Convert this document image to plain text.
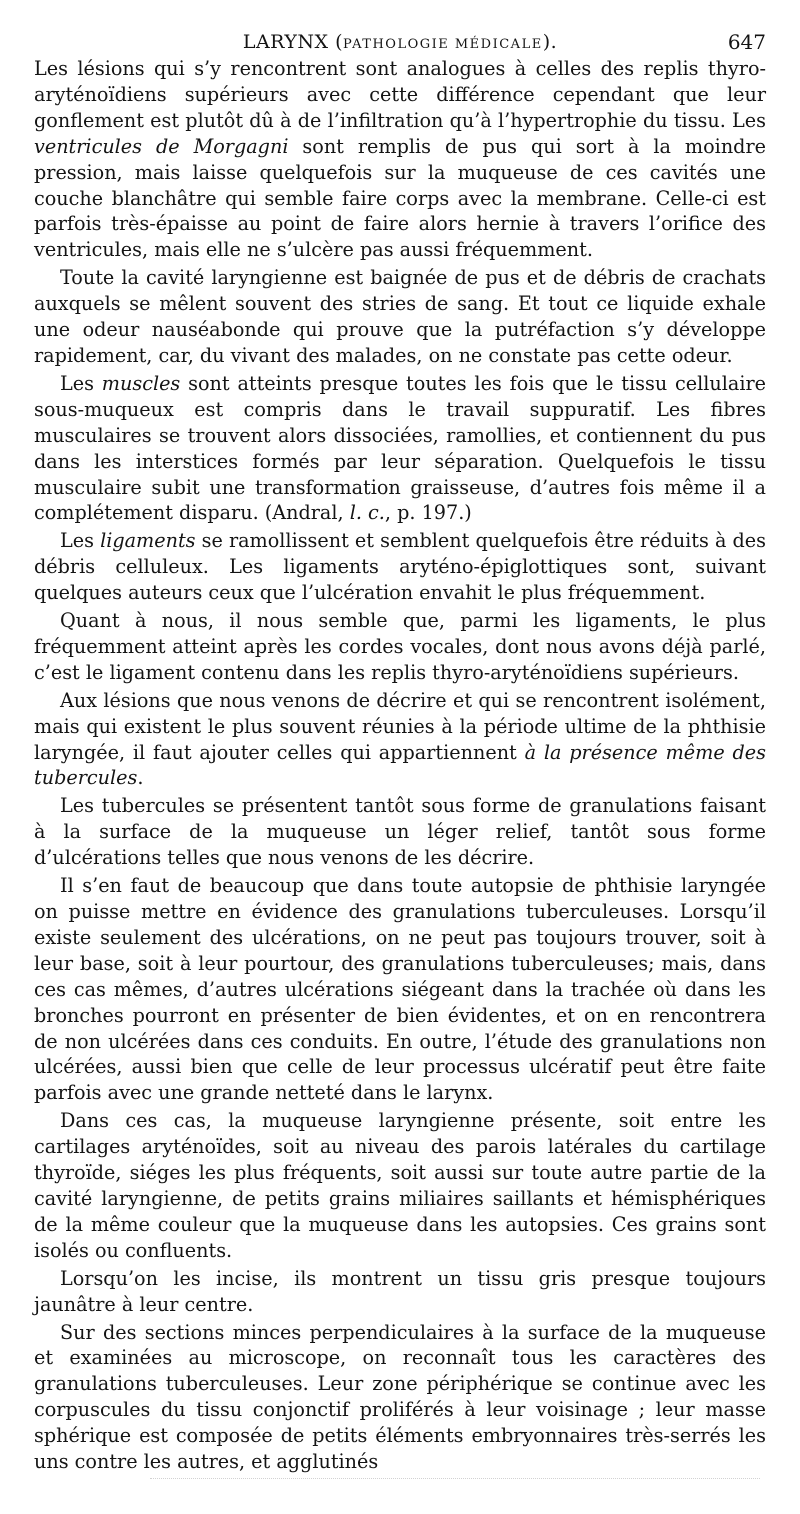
LARYNX (PATHOLOGIE MÉDICALE).	647

Les lésions qui s’y rencontrent sont analogues à celles des replis thyro-aryténoïdiens supérieurs avec cette différence cependant que leur gonflement est plutôt dû à de l’infiltration qu’à l’hypertrophie du tissu. Les ventricules de Morgagni sont remplis de pus qui sort à la moindre pression, mais laisse quelquefois sur la muqueuse de ces cavités une couche blanchâtre qui semble faire corps avec la membrane. Celle-ci est parfois très-épaisse au point de faire alors hernie à travers l’orifice des ventricules, mais elle ne s’ulcère pas aussi fréquemment.

Toute la cavité laryngienne est baignée de pus et de débris de crachats auxquels se mêlent souvent des stries de sang. Et tout ce liquide exhale une odeur nauséabonde qui prouve que la putréfaction s’y développe rapidement, car, du vivant des malades, on ne constate pas cette odeur.

Les muscles sont atteints presque toutes les fois que le tissu cellulaire sous-muqueux est compris dans le travail suppuratif. Les fibres musculaires se trouvent alors dissociées, ramollies, et contiennent du pus dans les interstices formés par leur séparation. Quelquefois le tissu musculaire subit une transformation graisseuse, d’autres fois même il a complétement disparu. (Andral, l. c., p. 197.)

Les ligaments se ramollissent et semblent quelquefois être réduits à des débris celluleux. Les ligaments aryténo-épiglottiques sont, suivant quelques auteurs ceux que l’ulcération envahit le plus fréquemment.

Quant à nous, il nous semble que, parmi les ligaments, le plus fréquemment atteint après les cordes vocales, dont nous avons déjà parlé, c’est le ligament contenu dans les replis thyro-aryténoïdiens supérieurs.

Aux lésions que nous venons de décrire et qui se rencontrent isolément, mais qui existent le plus souvent réunies à la période ultime de la phthisie laryngée, il faut ajouter celles qui appartiennent à la présence même des tubercules.

Les tubercules se présentent tantôt sous forme de granulations faisant à la surface de la muqueuse un léger relief, tantôt sous forme d’ulcérations telles que nous venons de les décrire.

Il s’en faut de beaucoup que dans toute autopsie de phthisie laryngée on puisse mettre en évidence des granulations tuberculeuses. Lorsqu’il existe seulement des ulcérations, on ne peut pas toujours trouver, soit à leur base, soit à leur pourtour, des granulations tuberculeuses; mais, dans ces cas mêmes, d’autres ulcérations siégeant dans la trachée où dans les bronches pourront en présenter de bien évidentes, et on en rencontrera de non ulcérées dans ces conduits. En outre, l’étude des granulations non ulcérées, aussi bien que celle de leur processus ulcératif peut être faite parfois avec une grande netteté dans le larynx.

Dans ces cas, la muqueuse laryngienne présente, soit entre les cartilages aryténoïdes, soit au niveau des parois latérales du cartilage thyroïde, siéges les plus fréquents, soit aussi sur toute autre partie de la cavité laryngienne, de petits grains miliaires saillants et hémisphériques de la même couleur que la muqueuse dans les autopsies. Ces grains sont isolés ou confluents.

Lorsqu’on les incise, ils montrent un tissu gris presque toujours jaunâtre à leur centre.

Sur des sections minces perpendiculaires à la surface de la muqueuse et examinées au microscope, on reconnaît tous les caractères des granulations tuberculeuses. Leur zone périphérique se continue avec les corpuscules du tissu conjonctif proliférés à leur voisinage ; leur masse sphérique est composée de petits éléments embryonnaires très-serrés les uns contre les autres, et agglutinés
